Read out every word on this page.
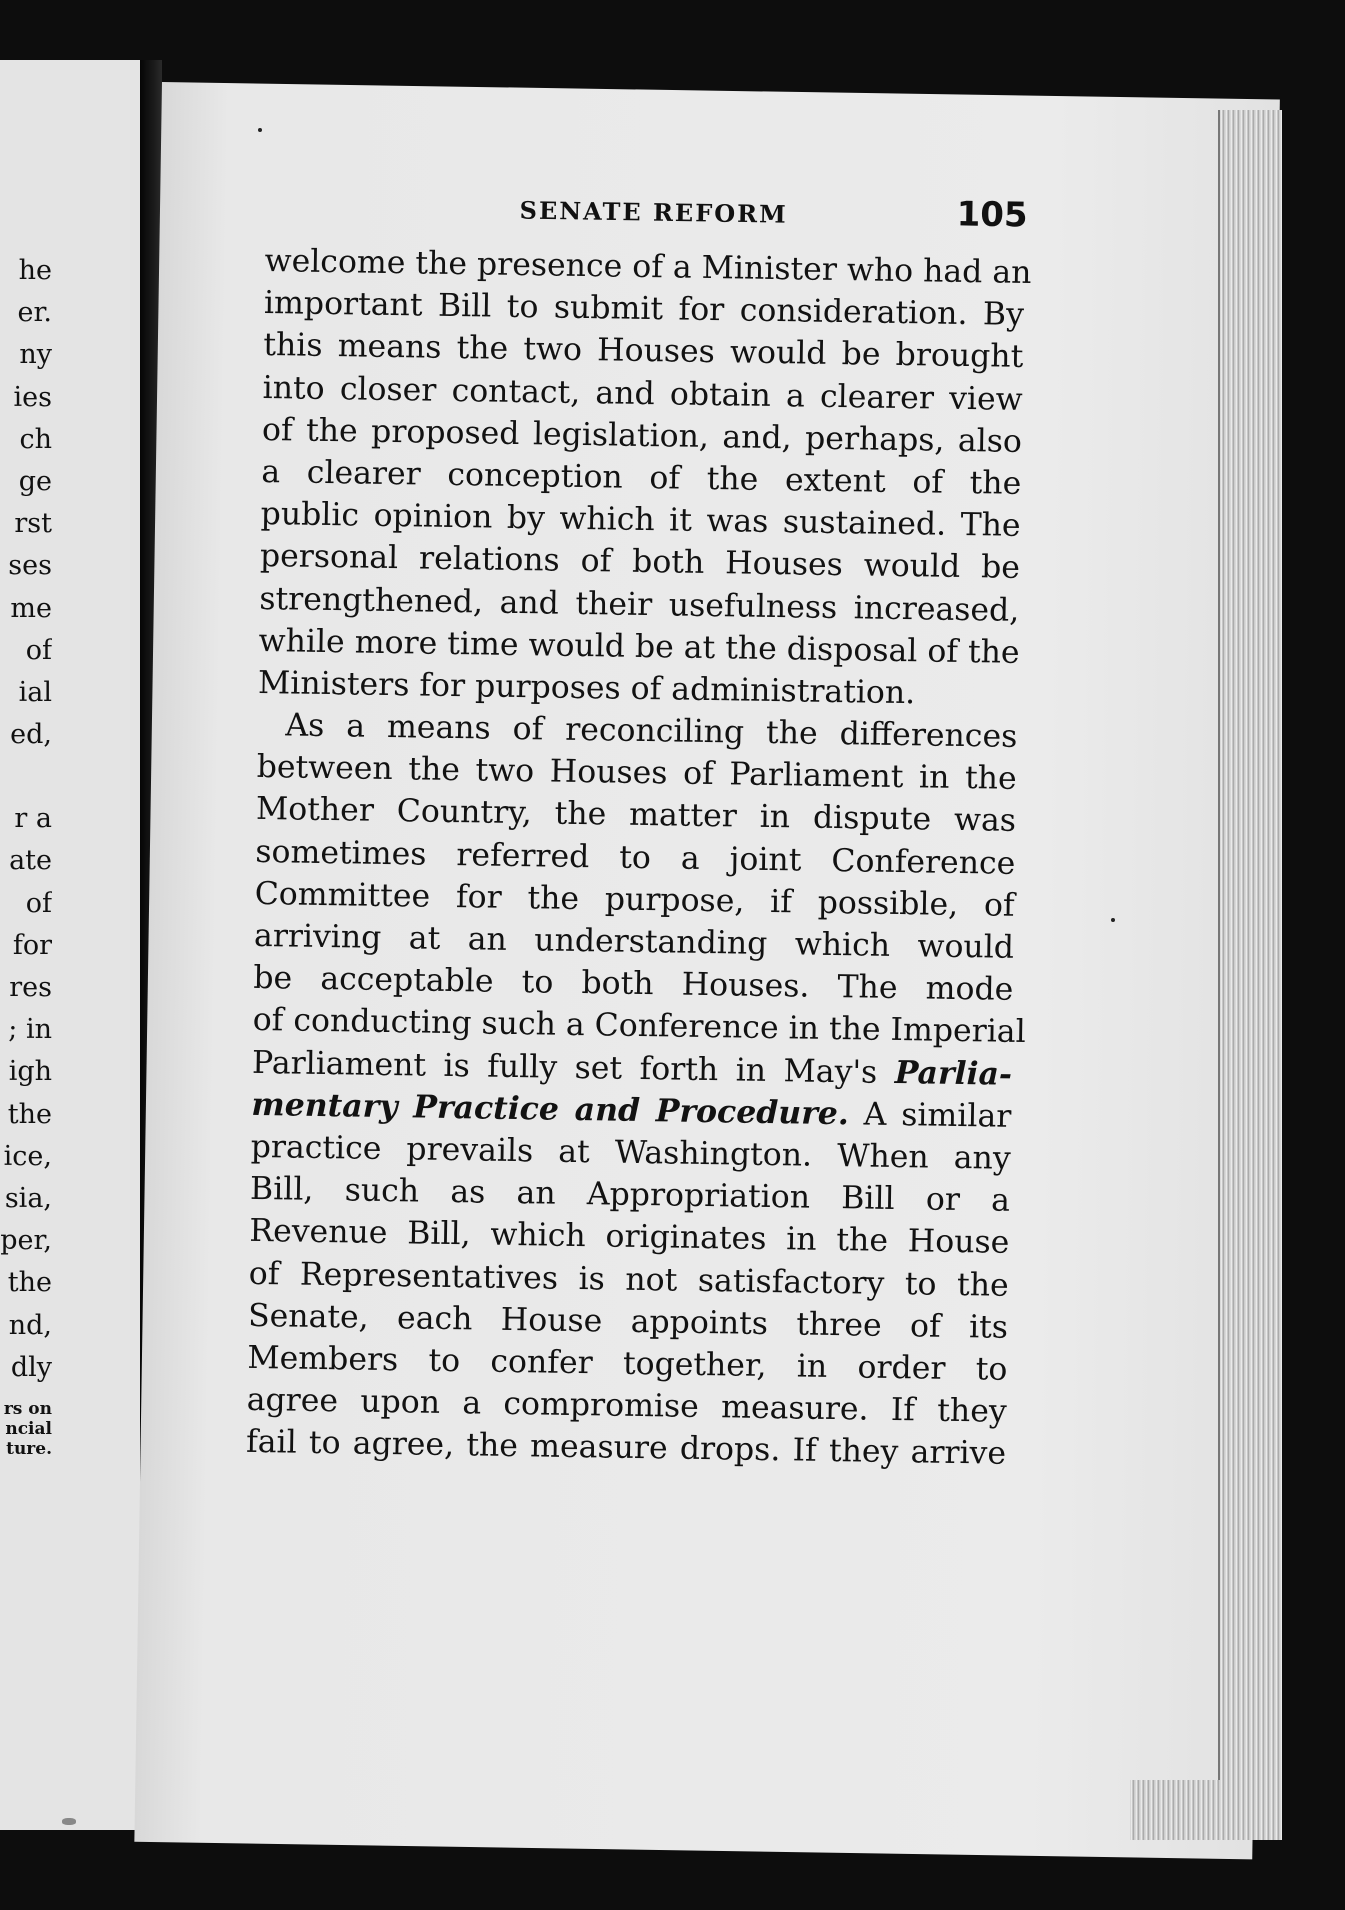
he
er.
ny
ies
ch
ge
rst
ses
me
of
ial
ed,
r a
ate
of
for
res
; in
igh
the
ice,
sia,
per,
the
nd,
dly
rs on
ncial
ture.
SENATE REFORM	105
welcome the presence of a Minister who had an
important Bill to submit for consideration. By
this means the two Houses would be brought
into closer contact, and obtain a clearer view
of the proposed legislation, and, perhaps, also
a clearer conception of the extent of the
public opinion by which it was sustained. The
personal relations of both Houses would be
strengthened, and their usefulness increased,
while more time would be at the disposal of the
Ministers for purposes of administration.
As a means of reconciling the differences
between the two Houses of Parliament in the
Mother Country, the matter in dispute was
sometimes referred to a joint Conference
Committee for the purpose, if possible, of
arriving at an understanding which would
be acceptable to both Houses. The mode
of conducting such a Conference in the Imperial
Parliament is fully set forth in May's Parlia-
mentary Practice and Procedure. A similar
practice prevails at Washington. When any
Bill, such as an Appropriation Bill or a
Revenue Bill, which originates in the House
of Representatives is not satisfactory to the
Senate, each House appoints three of its
Members to confer together, in order to
agree upon a compromise measure. If they
fail to agree, the measure drops. If they arrive
